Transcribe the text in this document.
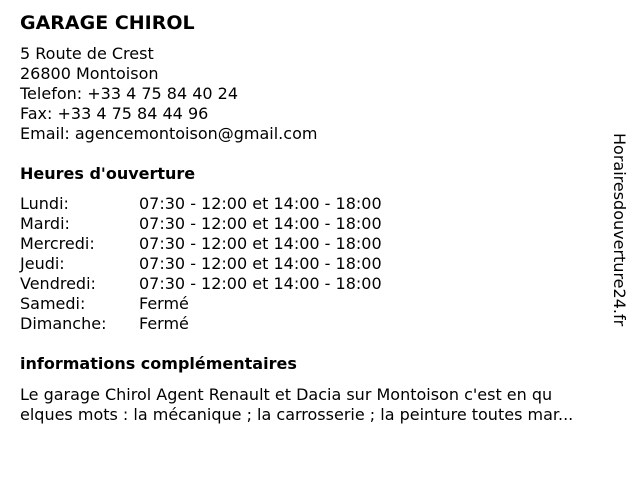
GARAGE CHIROL
5 Route de Crest
26800 Montoison
Telefon: +33 4 75 84 40 24
Fax: +33 4 75 84 44 96
Email: agencemontoison@gmail.com
Heures d'ouverture
Lundi:	07:30 - 12:00 et 14:00 - 18:00
Mardi:	07:30 - 12:00 et 14:00 - 18:00
Mercredi:	07:30 - 12:00 et 14:00 - 18:00
Jeudi:	07:30 - 12:00 et 14:00 - 18:00
Vendredi:	07:30 - 12:00 et 14:00 - 18:00
Samedi:	Fermé
Dimanche: Fermé
informations complémentaires
Le garage Chirol Agent Renault et Dacia sur Montoison c'est en qu
elques mots : la mécanique ; la carrosserie ; la peinture toutes mar...
Horairesdouverture24.fr
